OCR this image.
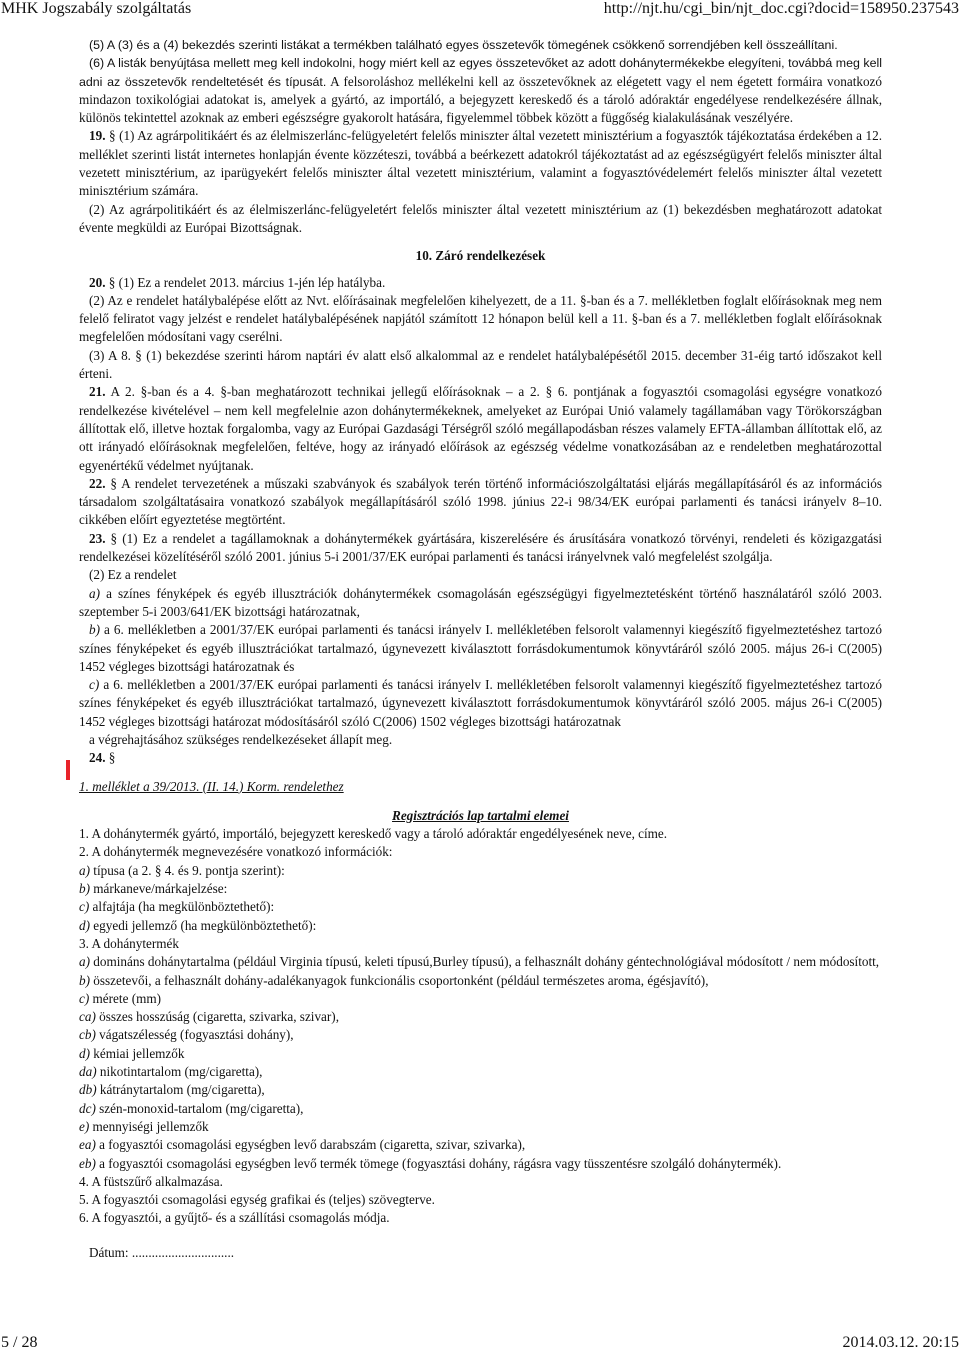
MHK Jogszabály szolgáltatás	http://njt.hu/cgi_bin/njt_doc.cgi?docid=158950.237543

(5) A (3) és a (4) bekezdés szerinti listákat a termékben található egyes összetevők tömegének csökkenő sorrendjében kell összeállítani.

(6) A listák benyújtása mellett meg kell indokolni, hogy miért kell az egyes összetevőket az adott dohánytermékekbe elegyíteni, továbbá meg kell adni az összetevők rendeltetését és típusát. A felsoroláshoz mellékelni kell az összetevőknek az elégetett vagy el nem égetett formáira vonatkozó mindazon toxikológiai adatokat is, amelyek a gyártó, az importáló, a bejegyzett kereskedő és a tároló adóraktár engedélyese rendelkezésére állnak, különös tekintettel azoknak az emberi egészségre gyakorolt hatására, figyelemmel többek között a függőség kialakulásának veszélyére.

19. § (1) Az agrárpolitikáért és az élelmiszerlánc-felügyeletért felelős miniszter által vezetett minisztérium a fogyasztók tájékoztatása érdekében a 12. melléklet szerinti listát internetes honlapján évente közzéteszi, továbbá a beérkezett adatokról tájékoztatást ad az egészségügyért felelős miniszter által vezetett minisztérium, az iparügyekért felelős miniszter által vezetett minisztérium, valamint a fogyasztóvédelemért felelős miniszter által vezetett minisztérium számára.

(2) Az agrárpolitikáért és az élelmiszerlánc-felügyeletért felelős miniszter által vezetett minisztérium az (1) bekezdésben meghatározott adatokat évente megküldi az Európai Bizottságnak.

10. Záró rendelkezések

20. § (1) Ez a rendelet 2013. március 1-jén lép hatályba.

(2) Az e rendelet hatálybalépése előtt az Nvt. előírásainak megfelelően kihelyezett, de a 11. §-ban és a 7. mellékletben foglalt előírásoknak meg nem felelő feliratot vagy jelzést e rendelet hatálybalépésének napjától számított 12 hónapon belül kell a 11. §-ban és a 7. mellékletben foglalt előírásoknak megfelelően módosítani vagy cserélni.

(3) A 8. § (1) bekezdése szerinti három naptári év alatt első alkalommal az e rendelet hatálybalépésétől 2015. december 31-éig tartó időszakot kell érteni.

21. A 2. §-ban és a 4. §-ban meghatározott technikai jellegű előírásoknak – a 2. § 6. pontjának a fogyasztói csomagolási egységre vonatkozó rendelkezése kivételével – nem kell megfelelnie azon dohánytermékeknek, amelyeket az Európai Unió valamely tagállamában vagy Törökországban állítottak elő, illetve hoztak forgalomba, vagy az Európai Gazdasági Térségről szóló megállapodásban részes valamely EFTA-államban állítottak elő, az ott irányadó előírásoknak megfelelően, feltéve, hogy az irányadó előírások az egészség védelme vonatkozásában az e rendeletben meghatározottal egyenértékű védelmet nyújtanak.

22. § A rendelet tervezetének a műszaki szabványok és szabályok terén történő információszolgáltatási eljárás megállapításáról és az információs társadalom szolgáltatásaira vonatkozó szabályok megállapításáról szóló 1998. június 22-i 98/34/EK európai parlamenti és tanácsi irányelv 8–10. cikkében előírt egyeztetése megtörtént.

23. § (1) Ez a rendelet a tagállamoknak a dohánytermékek gyártására, kiszerelésére és árusítására vonatkozó törvényi, rendeleti és közigazgatási rendelkezései közelítéséről szóló 2001. június 5-i 2001/37/EK európai parlamenti és tanácsi irányelvnek való megfelelést szolgálja.

(2) Ez a rendelet

a) a színes fényképek és egyéb illusztrációk dohánytermékek csomagolásán egészségügyi figyelmeztetésként történő használatáról szóló 2003. szeptember 5-i 2003/641/EK bizottsági határozatnak,

b) a 6. mellékletben a 2001/37/EK európai parlamenti és tanácsi irányelv I. mellékletében felsorolt valamennyi kiegészítő figyelmeztetéshez tartozó színes fényképeket és egyéb illusztrációkat tartalmazó, úgynevezett kiválasztott forrásdokumentumok könyvtáráról szóló 2005. május 26-i C(2005) 1452 végleges bizottsági határozatnak és

c) a 6. mellékletben a 2001/37/EK európai parlamenti és tanácsi irányelv I. mellékletében felsorolt valamennyi kiegészítő figyelmeztetéshez tartozó színes fényképeket és egyéb illusztrációkat tartalmazó, úgynevezett kiválasztott forrásdokumentumok könyvtáráról szóló 2005. május 26-i C(2005) 1452 végleges bizottsági határozat módosításáról szóló C(2006) 1502 végleges bizottsági határozatnak

a végrehajtásához szükséges rendelkezéseket állapít meg.

24. §

1. melléklet a 39/2013. (II. 14.) Korm. rendelethez

Regisztrációs lap tartalmi elemei

1. A dohánytermék gyártó, importáló, bejegyzett kereskedő vagy a tároló adóraktár engedélyesének neve, címe.

2. A dohánytermék megnevezésére vonatkozó információk:

a) típusa (a 2. § 4. és 9. pontja szerint):

b) márkaneve/márkajelzése:

c) alfajtája (ha megkülönböztethető):

d) egyedi jellemző (ha megkülönböztethető):

3. A dohánytermék

a) domináns dohánytartalma (például Virginia típusú, keleti típusú,Burley típusú), a felhasznált dohány géntechnológiával módosított / nem módosított,

b) összetevői, a felhasznált dohány-adalékanyagok funkcionális csoportonként (például természetes aroma, égésjavító),

c) mérete (mm)

ca) összes hosszúság (cigaretta, szivarka, szivar),

cb) vágatszélesség (fogyasztási dohány),

d) kémiai jellemzők

da) nikotintartalom (mg/cigaretta),

db) kátránytartalom (mg/cigaretta),

dc) szén-monoxid-tartalom (mg/cigaretta),

e) mennyiségi jellemzők

ea) a fogyasztói csomagolási egységben levő darabszám (cigaretta, szivar, szivarka),

eb) a fogyasztói csomagolási egységben levő termék tömege (fogyasztási dohány, rágásra vagy tüsszentésre szolgáló dohánytermék).

4. A füstszűrő alkalmazása.

5. A fogyasztói csomagolási egység grafikai és (teljes) szövegterve.

6. A fogyasztói, a gyűjtő- és a szállítási csomagolás módja.

Dátum: ...............................

5 / 28	2014.03.12. 20:15
